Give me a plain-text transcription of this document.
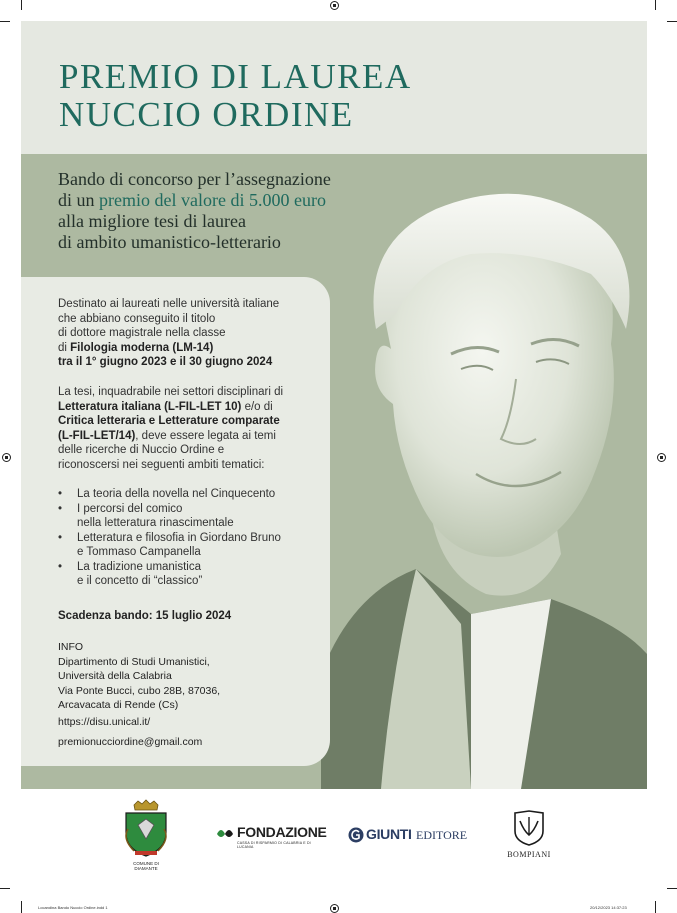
PREMIO DI LAUREA
NUCCIO ORDINE
Bando di concorso per l’assegnazione
di un premio del valore di 5.000 euro
alla migliore tesi di laurea
di ambito umanistico-letterario
Destinato ai laureati nelle università italiane
che abbiano conseguito il titolo
di dottore magistrale nella classe
di Filologia moderna (LM-14)
tra il 1° giugno 2023 e il 30 giugno 2024
La tesi, inquadrabile nei settori disciplinari di
Letteratura italiana (L-FIL-LET 10) e/o di
Critica letteraria e Letterature comparate
(L-FIL-LET/14), deve essere legata ai temi
delle ricerche di Nuccio Ordine e
riconoscersi nei seguenti ambiti tematici:
• La teoria della novella nel Cinquecento
• I percorsi del comico
nella letteratura rinascimentale
• Letteratura e filosofia in Giordano Bruno
e Tommaso Campanella
• La tradizione umanistica
e il concetto di “classico”
Scadenza bando: 15 luglio 2024
INFO
Dipartimento di Studi Umanistici,
Università della Calabria
Via Ponte Bucci, cubo 28B, 87036,
Arcavacata di Rende (Cs)
https://disu.unical.it/
premionucciordine@gmail.com
COMUNE DI
DIAMANTE
FONDAZIONE
CASSA DI RISPARMIO DI CALABRIA E DI LUCANIA
GIUNTI EDITORE
BOMPIANI
Locandina Bando Nuccio Ordine.indd 1	20/12/2023 14:37:23
